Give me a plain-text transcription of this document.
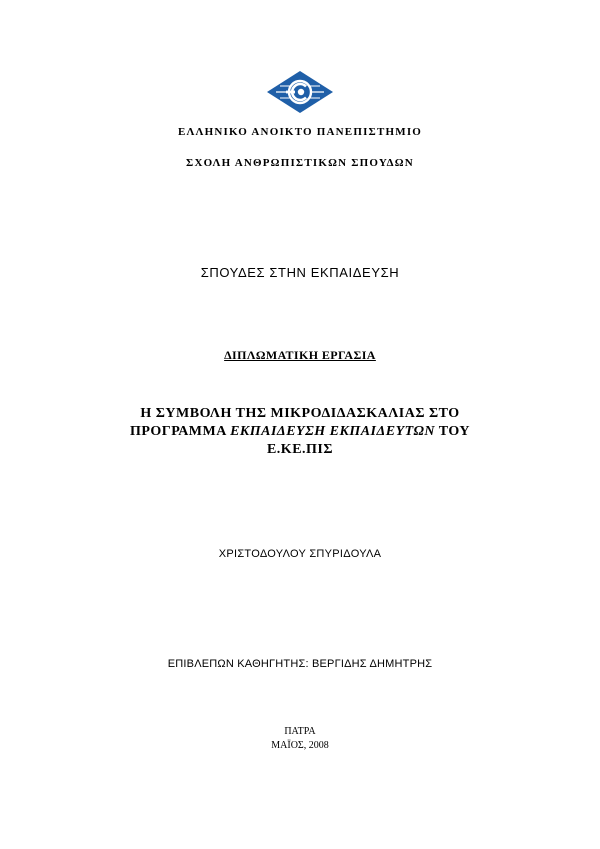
ΕΛΛΗΝΙΚΟ ΑΝΟΙΚΤΟ ΠΑΝΕΠΙΣΤΗΜΙΟ
ΣΧΟΛΗ ΑΝΘΡΩΠΙΣΤΙΚΩΝ ΣΠΟΥΔΩΝ
ΣΠΟΥΔΕΣ ΣΤΗΝ ΕΚΠΑΙΔΕΥΣΗ
ΔΙΠΛΩΜΑΤΙΚΗ ΕΡΓΑΣΙΑ
Η ΣΥΜΒΟΛΗ ΤΗΣ ΜΙΚΡΟΔΙΔΑΣΚΑΛΙΑΣ ΣΤΟ
ΠΡΟΓΡΑΜΜΑ ΕΚΠΑΙΔΕΥΣΗ ΕΚΠΑΙΔΕΥΤΩΝ ΤΟΥ
Ε.ΚΕ.ΠΙΣ
ΧΡΙΣΤΟΔΟΥΛΟΥ ΣΠΥΡΙΔΟΥΛΑ
ΕΠΙΒΛΕΠΩΝ ΚΑΘΗΓΗΤΗΣ: ΒΕΡΓΙΔΗΣ ΔΗΜΗΤΡΗΣ
ΠΑΤΡΑ
ΜΑΪΟΣ, 2008
